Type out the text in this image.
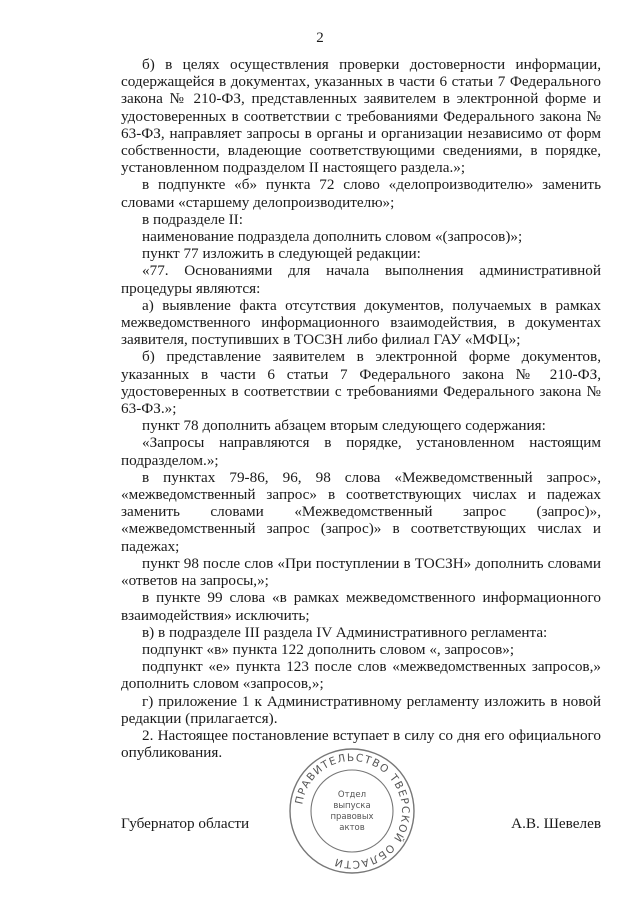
2

б) в целях осуществления проверки достоверности информации, содержащейся в документах, указанных в части 6 статьи 7 Федерального закона № 210-ФЗ, представленных заявителем в электронной форме и удостоверенных в соответствии с требованиями Федерального закона № 63-ФЗ, направляет запросы в органы и организации независимо от форм собственности, владеющие соответствующими сведениями, в порядке, установленном подразделом II настоящего раздела.»;

в подпункте «б» пункта 72 слово «делопроизводителю» заменить словами «старшему делопроизводителю»;

в подразделе II:

наименование подраздела дополнить словом «(запросов)»;

пункт 77 изложить в следующей редакции:

«77. Основаниями для начала выполнения административной процедуры являются:

а) выявление факта отсутствия документов, получаемых в рамках межведомственного информационного взаимодействия, в документах заявителя, поступивших в ТОСЗН либо филиал ГАУ «МФЦ»;

б) представление заявителем в электронной форме документов, указанных в части 6 статьи 7 Федерального закона № 210-ФЗ, удостоверенных в соответствии с требованиями Федерального закона № 63-ФЗ.»;

пункт 78 дополнить абзацем вторым следующего содержания:

«Запросы направляются в порядке, установленном настоящим подразделом.»;

в пунктах 79-86, 96, 98 слова «Межведомственный запрос», «межведомственный запрос» в соответствующих числах и падежах заменить словами «Межведомственный запрос (запрос)», «межведомственный запрос (запрос)» в соответствующих числах и падежах;

пункт 98 после слов «При поступлении в ТОСЗН» дополнить словами «ответов на запросы,»;

в пункте 99 слова «в рамках межведомственного информационного взаимодействия» исключить;

в) в подразделе III раздела IV Административного регламента:

подпункт «в» пункта 122 дополнить словом «, запросов»;

подпункт «е» пункта 123 после слов «межведомственных запросов,» дополнить словом «запросов,»;

г) приложение 1 к Административному регламенту изложить в новой редакции (прилагается).

2. Настоящее постановление вступает в силу со дня его официального опубликования.

ПРАВИТЕЛЬСТВО ТВЕРСКОЙ ОБЛАСТИ
Отдел
выпуска
правовых
актов
Губернатор области	А.В. Шевелев
